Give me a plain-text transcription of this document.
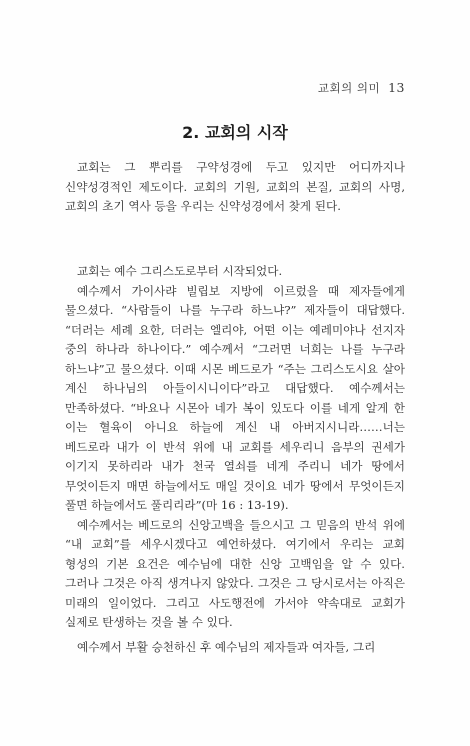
교회의 의미 13
2. 교회의 시작

교회는 그 뿌리를 구약성경에 두고 있지만 어디까지나 신약성경적인 제도이다. 교회의 기원, 교회의 본질, 교회의 사명, 교회의 초기 역사 등을 우리는 신약성경에서 찾게 된다.

교회는 예수 그리스도로부터 시작되었다.

예수께서 가이사랴 빌립보 지방에 이르렀을 때 제자들에게 물으셨다. “사람들이 나를 누구라 하느냐?” 제자들이 대답했다. “더러는 세례 요한, 더러는 엘리야, 어떤 이는 예레미야나 선지자 중의 하나라 하나이다.” 예수께서 “그러면 너희는 나를 누구라 하느냐”고 물으셨다. 이때 시몬 베드로가 “주는 그리스도시요 살아 계신 하나님의 아들이시니이다”라고 대답했다. 예수께서는 만족하셨다. “바요나 시몬아 네가 복이 있도다 이를 네게 알게 한 이는 혈육이 아니요 하늘에 계신 내 아버지시니라……너는 베드로라 내가 이 반석 위에 내 교회를 세우리니 음부의 권세가 이기지 못하리라 내가 천국 열쇠를 네게 주리니 네가 땅에서 무엇이든지 매면 하늘에서도 매일 것이요 네가 땅에서 무엇이든지 풀면 하늘에서도 풀리리라”(마 16 : 13-19).

예수께서는 베드로의 신앙고백을 들으시고 그 믿음의 반석 위에 “내 교회”를 세우시겠다고 예언하셨다. 여기에서 우리는 교회 형성의 기본 요건은 예수님에 대한 신앙 고백임을 알 수 있다. 그러나 그것은 아직 생겨나지 않았다. 그것은 그 당시로서는 아직은 미래의 일이었다. 그리고 사도행전에 가서야 약속대로 교회가 실제로 탄생하는 것을 볼 수 있다.

예수께서 부활 승천하신 후 예수님의 제자들과 여자들, 그리
